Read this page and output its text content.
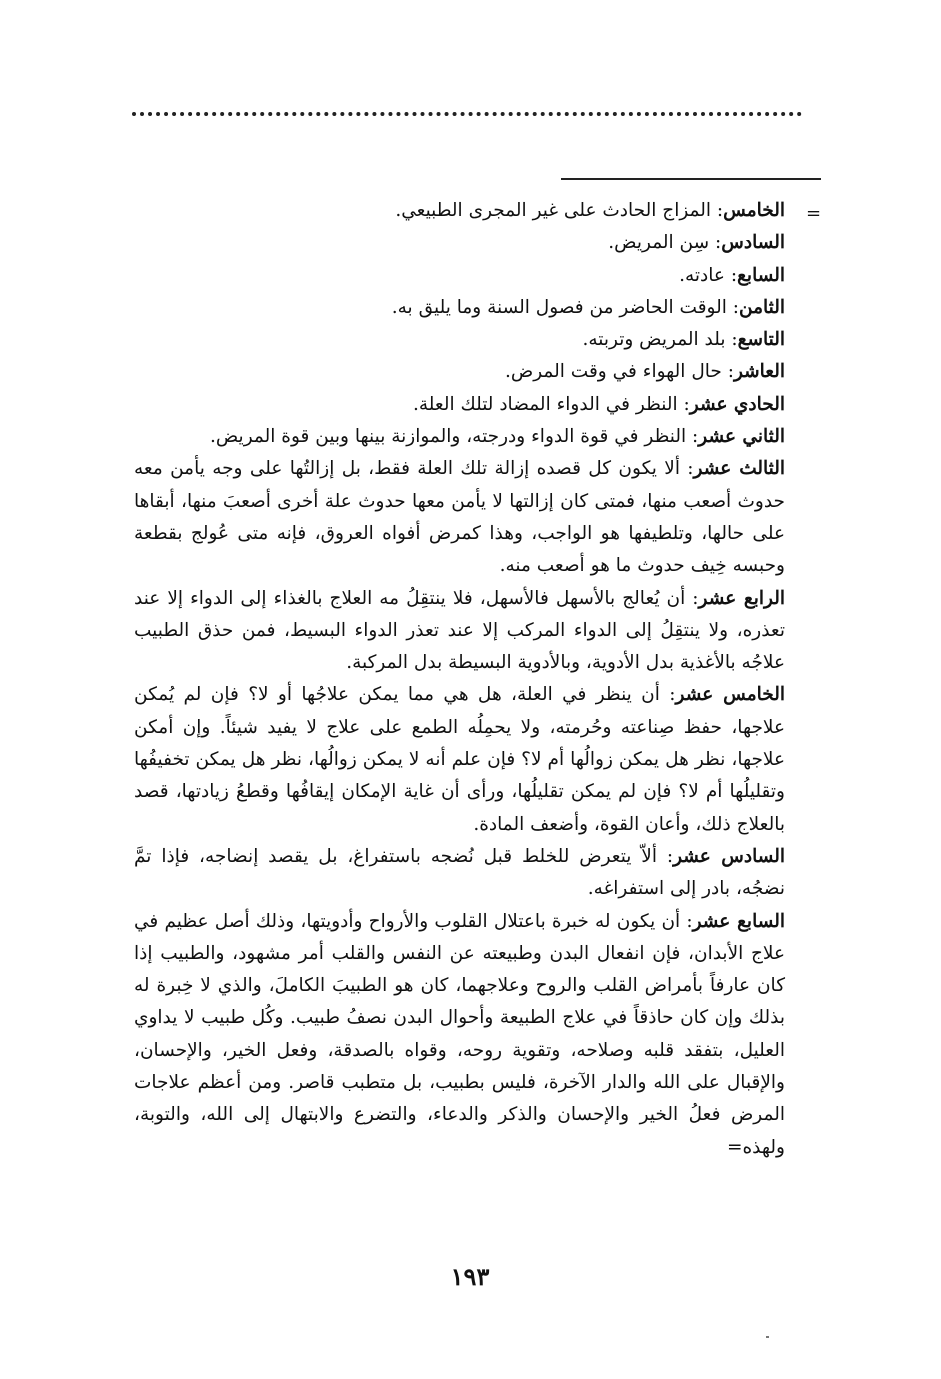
=

الخامس: المزاج الحادث على غير المجرى الطبيعي.

السادس: سِن المريض.

السابع: عادته.

الثامن: الوقت الحاضر من فصول السنة وما يليق به.

التاسع: بلد المريض وتربته.

العاشر: حال الهواء في وقت المرض.

الحادي عشر: النظر في الدواء المضاد لتلك العلة.

الثاني عشر: النظر في قوة الدواء ودرجته، والموازنة بينها وبين قوة المريض.

الثالث عشر: ألا يكون كل قصده إزالة تلك العلة فقط، بل إزالتُها على وجه يأمن معه حدوث أصعب منها، فمتى كان إزالتها لا يأمن معها حدوث علة أخرى أصعبَ منها، أبقاها على حالها، وتلطيفها هو الواجب، وهذا كمرض أفواه العروق، فإنه متى عُولج بقطعة وحبسه خِيف حدوث ما هو أصعب منه.

الرابع عشر: أن يُعالج بالأسهل فالأسهل، فلا ينتقِلُ مه العلاج بالغذاء إلى الدواء إلا عند تعذره، ولا ينتقِلُ إلى الدواء المركب إلا عند تعذر الدواء البسيط، فمن حذق الطبيب علاجُه بالأغذية بدل الأدوية، وبالأدوية البسيطة بدل المركبة.

الخامس عشر: أن ينظر في العلة، هل هي مما يمكن علاجُها أو لا؟ فإن لم يُمكن علاجها، حفظ صِناعته وحُرمته، ولا يحمِلُه الطمع على علاج لا يفيد شيئاً. وإن أمكن علاجها، نظر هل يمكن زوالُها أم لا؟ فإن علم أنه لا يمكن زوالُها، نظر هل يمكن تخفيفُها وتقليلُها أم لا؟ فإن لم يمكن تقليلُها، ورأى أن غاية الإمكان إيقافُها وقطعُ زيادتها، قصد بالعلاج ذلك، وأعان القوة، وأضعف المادة.

السادس عشر: ألاّ يتعرض للخلط قبل نُضجه باستفراغ، بل يقصد إنضاجه، فإذا تمَّ نضجُه، بادر إلى استفراغه.

السابع عشر: أن يكون له خبرة باعتلال القلوب والأرواح وأدويتها، وذلك أصل عظيم في علاج الأبدان، فإن انفعال البدن وطبيعته عن النفس والقلب أمر مشهود، والطبيب إذا كان عارفاً بأمراض القلب والروح وعلاجهما، كان هو الطبيبَ الكاملَ، والذي لا خِبرة له بذلك وإن كان حاذقاً في علاج الطبيعة وأحوال البدن نصفُ طبيب. وكُل طبيب لا يداوي العليل، بتفقد قلبه وصلاحه، وتقوية روحه، وقواه بالصدقة، وفعل الخير، والإحسان، والإقبال على الله والدار الآخرة، فليس بطبيب، بل متطبب قاصر. ومن أعظم علاجات المرض فعلُ الخير والإحسان والذكر والدعاء، والتضرع والابتهال إلى الله، والتوبة، ولهذه=

١٩٣
